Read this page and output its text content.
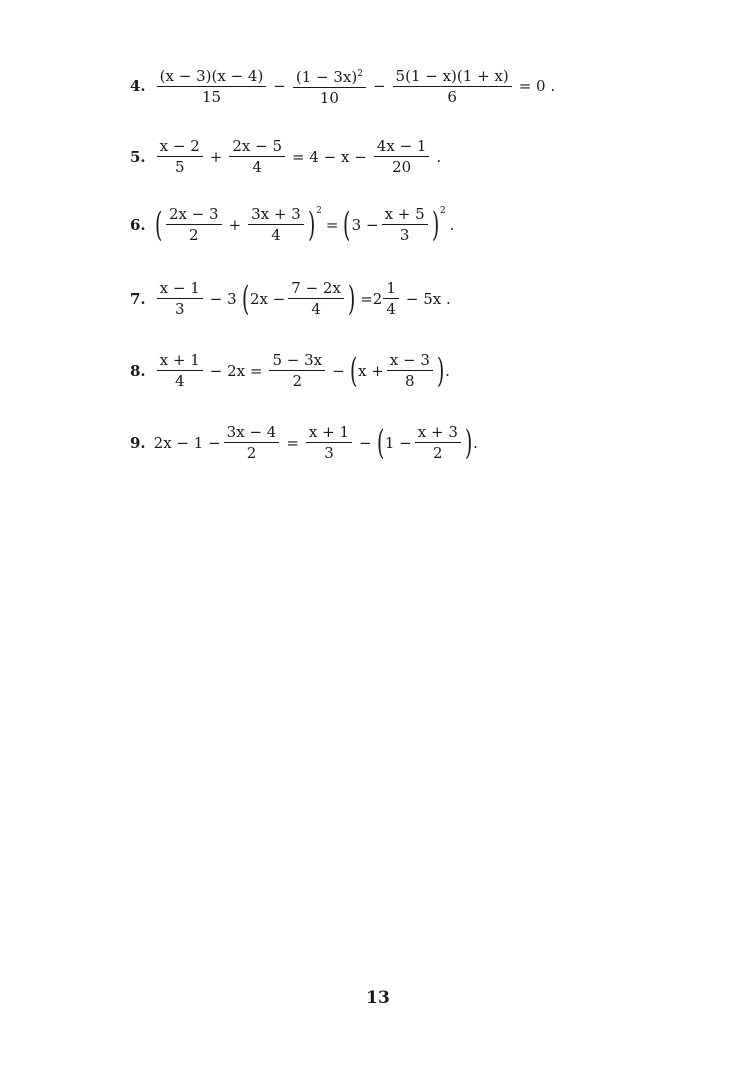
4. $\frac{(x - 3)(x - 4)}{15} - \frac{(1 - 3x)^2}{10} - \frac{5(1 - x)(1 + x)}{6} = 0$ .
5. $\frac{x - 2}{5} + \frac{2x - 5}{4} = 4 - x - \frac{4x - 1}{20}$ .
6. ( $\frac{2x - 3}{2} + \frac{3x + 3}{4} )^2$
= ( $3 - \frac{x + 5}{3} )^2$
.
7. $\frac{x - 1}{3} - 3$ ( $2x - \frac{7 - 2x}{4}$ ) $=2 \frac{1}{4} - 5x$ .
8. $\frac{x + 1}{4} - 2x = \frac{5 - 3x}{2}$ − ( $x + \frac{x - 3}{8}$ ) .
9. $2x - 1 - \frac{3x - 4}{2} = \frac{x + 1}{3}$ − ( $1 - \frac{x + 3}{2}$ ) .
13
